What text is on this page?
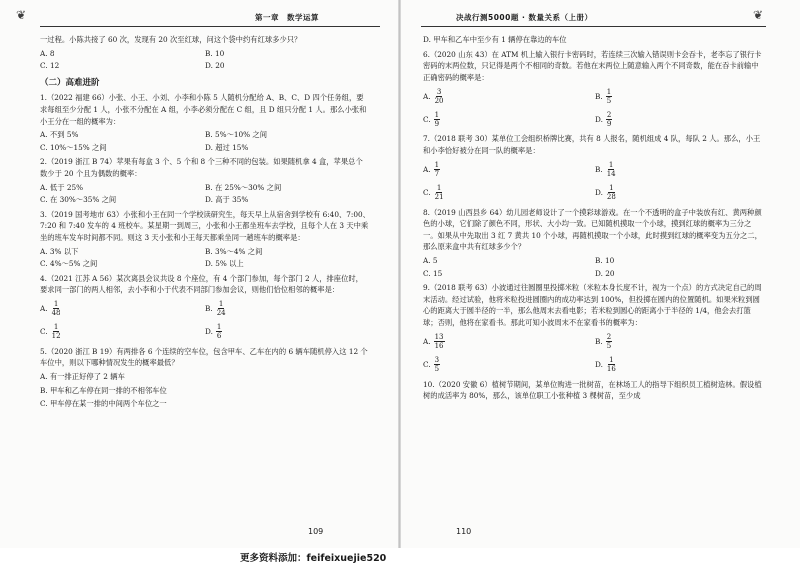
❦	第一章　数学运算

一过程。小陈共接了 60 次，发现有 20 次至红球，问这个袋中约有红球多少只？

A. 8	B. 10
C. 12	D. 20
（二）高难进阶

1.（2022 福建 66）小张、小王、小刘、小李和小陈 5 人随机分配给 A、B、C、D 四个任务组，要求每组至少分配 1 人，小张不分配在 A 组，小李必须分配在 C 组，且 D 组只分配 1 人。那么小张和小王分在一组的概率为：

A. 不到 5%	B. 5%～10% 之间
C. 10%～15% 之间	D. 超过 15%

2.（2019 浙江 B 74）苹果有每盒 3 个、5 个和 8 个三种不同的包装。如果随机拿 4 盒，苹果总个数少于 20 个且为偶数的概率：

A. 低于 25%	B. 在 25%～30% 之间
C. 在 30%～35% 之间	D. 高于 35%

3.（2019 国考地市 63）小张和小王在同一个学校读研究生，每天早上从宿舍到学校有 6:40、7:00、7:20 和 7:40 发车的 4 班校车。某星期一到周三，小张和小王都坐班车去学校，且每个人在 3 天中乘坐的班车发车时间都不同。则这 3 天小张和小王每天都乘坐同一趟班车的概率是：

A. 3% 以下	B. 3%～4% 之间
C. 4%～5% 之间	D. 5% 以上

4.（2021 江苏 A 56）某次离县会议共设 8 个座位，有 4 个部门参加，每个部门 2 人，排座位时，要求同一部门的两人相邻，去小李和小于代表不同部门参加会议，则他们恰位相邻的概率是：

A. $\frac{1}{48}$	B. $\frac{1}{24}$
C. $\frac{1}{12}$	D. $\frac{1}{6}$

5.（2020 浙江 B 19）有两排各 6 个连续的空车位，包含甲车、乙车在内的 6 辆车随机停入这 12 个车位中，则以下哪种情况发生的概率最低？

A. 有一排正好停了 2 辆车

B. 甲车和乙车停在同一排的不相邻车位

C. 甲车停在某一排的中间两个车位之一

109
决战行测5000题 · 数量关系（上册）	❦

D. 甲车和乙车中至少有 1 辆停在靠边的车位

6.（2020 山东 43）在 ATM 机上输入银行卡密码时，若连续三次输入错误则卡会吞卡，老李忘了银行卡密码的末两位数，只记得是两个不相同的奇数。若他在末两位上随意输入两个不同奇数，能在吞卡前输中正确密码的概率是：

A. $\frac{3}{20}$	B. $\frac{1}{5}$
C. $\frac{1}{9}$	D. $\frac{2}{9}$

7.（2018 联考 30）某单位工会组织桥牌比赛，共有 8 人报名，随机组成 4 队，每队 2 人。那么，小王和小李恰好被分在同一队的概率是：

A. $\frac{1}{7}$	B. $\frac{1}{14}$
C. $\frac{1}{21}$	D. $\frac{1}{28}$

8.（2019 山西县乡 64）幼儿园老师设计了一个摸彩球游戏。在一个不透明的盒子中装放有红、黄两种颜色的小球，它们除了颜色不同，形状、大小均一致。已知随机摸取一个小球，摸到红球的概率为三分之一。如果从中先取出 3 红 7 黄共 10 个小球，再随机摸取一个小球，此时摸到红球的概率变为五分之二，那么原来盒中共有红球多少个？

A. 5	B. 10
C. 15	D. 20

9.（2018 联考 63）小波通过往圆圈里投掷米粒（米粒本身长度不计，视为一个点）的方式决定自己的周末活动。经过试验，他将米粒投进圆圈内的成功率达到 100%，但投掷在圆内的位置随机。如果米粒到圆心的距离大于圆半径的一半，那么他周末去看电影；若米粒到圆心的距离小于半径的 1/4，他会去打篮球；否则，他将在家看书。那此可知小波周末不在家看书的概率为：

A. $\frac{13}{16}$	B. $\frac{2}{5}$
C. $\frac{3}{5}$	D. $\frac{1}{16}$

10.（2020 安徽 6）植树节期间，某单位购进一批树苗，在林场工人的指导下组织员工植树造林。假设植树的成活率为 80%，那么，该单位职工小张种植 3 棵树苗，至少成

110
更多资料添加：feifeixuejie520
